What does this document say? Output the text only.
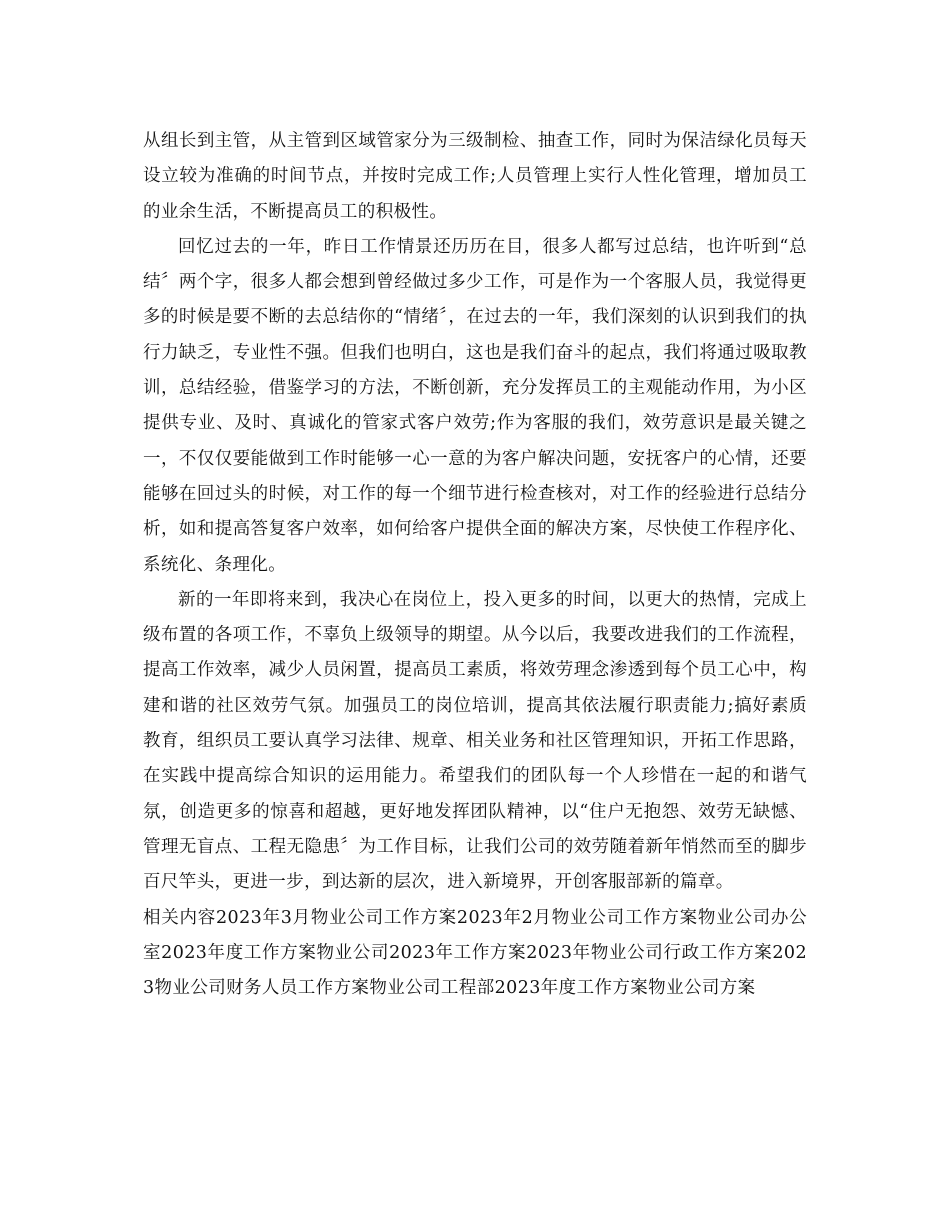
从组长到主管，从主管到区域管家分为三级制检、抽查工作，同时为保洁绿化员每天设立较为准确的时间节点，并按时完成工作;人员管理上实行人性化管理，增加员工的业余生活，不断提高员工的积极性。

回忆过去的一年，昨日工作情景还历历在目，很多人都写过总结，也许听到“总结〞两个字，很多人都会想到曾经做过多少工作，可是作为一个客服人员，我觉得更多的时候是要不断的去总结你的“情绪〞，在过去的一年，我们深刻的认识到我们的执行力缺乏，专业性不强。但我们也明白，这也是我们奋斗的起点，我们将通过吸取教训，总结经验，借鉴学习的方法，不断创新，充分发挥员工的主观能动作用，为小区提供专业、及时、真诚化的管家式客户效劳;作为客服的我们，效劳意识是最关键之一，不仅仅要能做到工作时能够一心一意的为客户解决问题，安抚客户的心情，还要能够在回过头的时候，对工作的每一个细节进行检查核对，对工作的经验进行总结分析，如和提高答复客户效率，如何给客户提供全面的解决方案，尽快使工作程序化、系统化、条理化。

新的一年即将来到，我决心在岗位上，投入更多的时间，以更大的热情，完成上级布置的各项工作，不辜负上级领导的期望。从今以后，我要改进我们的工作流程，提高工作效率，减少人员闲置，提高员工素质，将效劳理念渗透到每个员工心中，构建和谐的社区效劳气氛。加强员工的岗位培训，提高其依法履行职责能力;搞好素质教育，组织员工要认真学习法律、规章、相关业务和社区管理知识，开拓工作思路，在实践中提高综合知识的运用能力。希望我们的团队每一个人珍惜在一起的和谐气氛，创造更多的惊喜和超越，更好地发挥团队精神，以“住户无抱怨、效劳无缺憾、管理无盲点、工程无隐患〞为工作目标，让我们公司的效劳随着新年悄然而至的脚步百尺竿头，更进一步，到达新的层次，进入新境界，开创客服部新的篇章。

相关内容2023年3月物业公司工作方案2023年2月物业公司工作方案物业公司办公室2023年度工作方案物业公司2023年工作方案2023年物业公司行政工作方案2023物业公司财务人员工作方案物业公司工程部2023年度工作方案物业公司方案
